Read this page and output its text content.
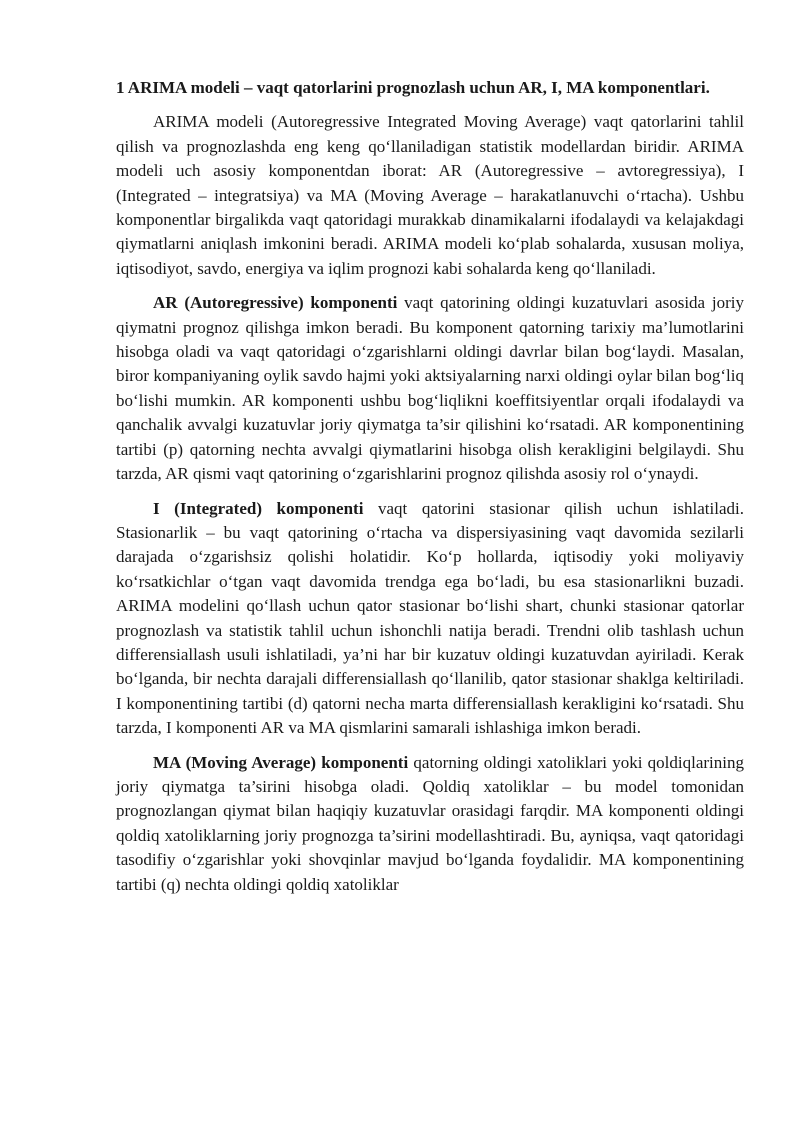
1 ARIMA modeli – vaqt qatorlarini prognozlash uchun AR, I, MA komponentlari.

ARIMA modeli (Autoregressive Integrated Moving Average) vaqt qatorlarini tahlil qilish va prognozlashda eng keng qo‘llaniladigan statistik modellardan biridir. ARIMA modeli uch asosiy komponentdan iborat: AR (Autoregressive – avtoregressiya), I (Integrated – integratsiya) va MA (Moving Average – harakatlanuvchi o‘rtacha). Ushbu komponentlar birgalikda vaqt qatoridagi murakkab dinamikalarni ifodalaydi va kelajakdagi qiymatlarni aniqlash imkonini beradi. ARIMA modeli ko‘plab sohalarda, xususan moliya, iqtisodiyot, savdo, energiya va iqlim prognozi kabi sohalarda keng qo‘llaniladi.

AR (Autoregressive) komponenti vaqt qatorining oldingi kuzatuvlari asosida joriy qiymatni prognoz qilishga imkon beradi. Bu komponent qatorning tarixiy ma’lumotlarini hisobga oladi va vaqt qatoridagi o‘zgarishlarni oldingi davrlar bilan bog‘laydi. Masalan, biror kompaniyaning oylik savdo hajmi yoki aktsiyalarning narxi oldingi oylar bilan bog‘liq bo‘lishi mumkin. AR komponenti ushbu bog‘liqlikni koeffitsiyentlar orqali ifodalaydi va qanchalik avvalgi kuzatuvlar joriy qiymatga ta’sir qilishini ko‘rsatadi. AR komponentining tartibi (p) qatorning nechta avvalgi qiymatlarini hisobga olish kerakligini belgilaydi. Shu tarzda, AR qismi vaqt qatorining o‘zgarishlarini prognoz qilishda asosiy rol o‘ynaydi.

I (Integrated) komponenti vaqt qatorini stasionar qilish uchun ishlatiladi. Stasionarlik – bu vaqt qatorining o‘rtacha va dispersiyasining vaqt davomida sezilarli darajada o‘zgarishsiz qolishi holatidir. Ko‘p hollarda, iqtisodiy yoki moliyaviy ko‘rsatkichlar o‘tgan vaqt davomida trendga ega bo‘ladi, bu esa stasionarlikni buzadi. ARIMA modelini qo‘llash uchun qator stasionar bo‘lishi shart, chunki stasionar qatorlar prognozlash va statistik tahlil uchun ishonchli natija beradi. Trendni olib tashlash uchun differensiallash usuli ishlatiladi, ya’ni har bir kuzatuv oldingi kuzatuvdan ayiriladi. Kerak bo‘lganda, bir nechta darajali differensiallash qo‘llanilib, qator stasionar shaklga keltiriladi. I komponentining tartibi (d) qatorni necha marta differensiallash kerakligini ko‘rsatadi. Shu tarzda, I komponenti AR va MA qismlarini samarali ishlashiga imkon beradi.

MA (Moving Average) komponenti qatorning oldingi xatoliklari yoki qoldiqlarining joriy qiymatga ta’sirini hisobga oladi. Qoldiq xatoliklar – bu model tomonidan prognozlangan qiymat bilan haqiqiy kuzatuvlar orasidagi farqdir. MA komponenti oldingi qoldiq xatoliklarning joriy prognozga ta’sirini modellashtiradi. Bu, ayniqsa, vaqt qatoridagi tasodifiy o‘zgarishlar yoki shovqinlar mavjud bo‘lganda foydalidir. MA komponentining tartibi (q) nechta oldingi qoldiq xatoliklar
